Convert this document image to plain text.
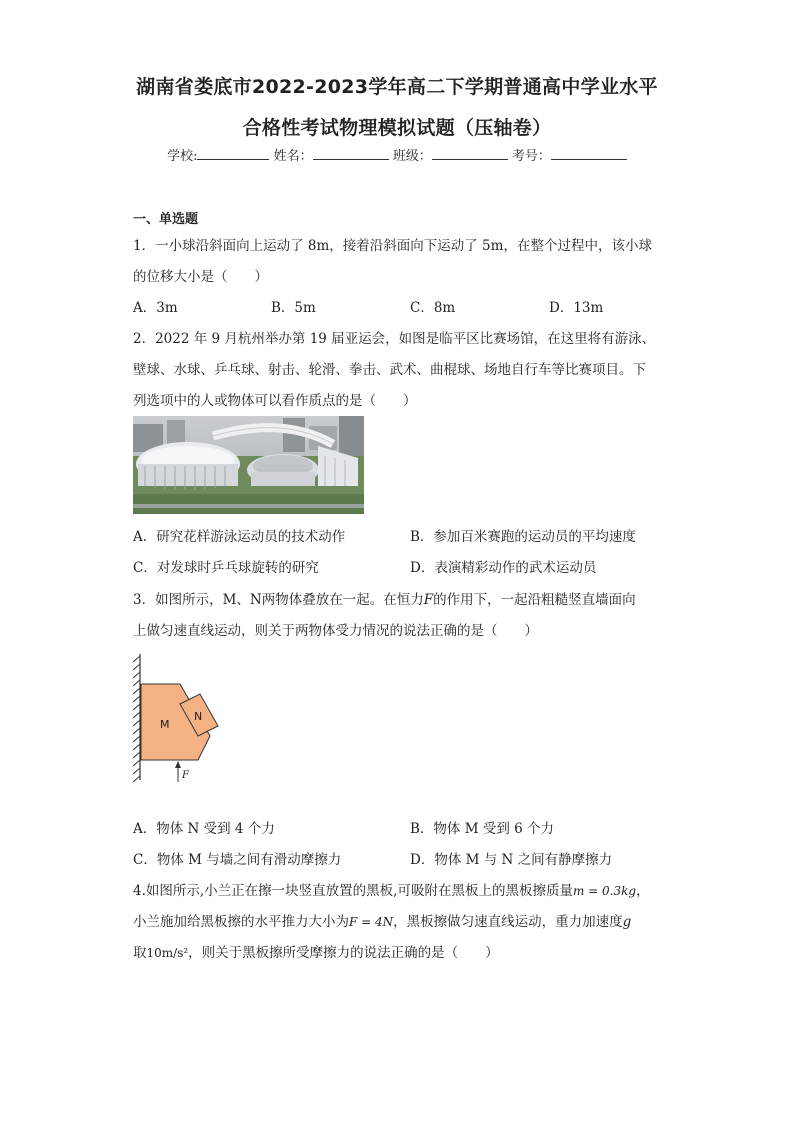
湖南省娄底市2022-2023学年高二下学期普通高中学业水平
合格性考试物理模拟试题（压轴卷）
学校:	姓名：	班级：	考号：
一、单选题
1．一小球沿斜面向上运动了 8m，接着沿斜面向下运动了 5m，在整个过程中，该小球
的位移大小是（　　）
A．3m	B．5m	C．8m	D．13m
2．2022 年 9 月杭州举办第 19 届亚运会，如图是临平区比赛场馆，在这里将有游泳、
壁球、水球、乒乓球、射击、轮滑、拳击、武术、曲棍球、场地自行车等比赛项目。下
列选项中的人或物体可以看作质点的是（　　）
A．研究花样游泳运动员的技术动作	B．参加百米赛跑的运动员的平均速度
C．对发球时乒乓球旋转的研究	D．表演精彩动作的武术运动员
3．如图所示，M、N两物体叠放在一起。在恒力F的作用下，一起沿粗糙竖直墙面向
上做匀速直线运动，则关于两物体受力情况的说法正确的是（　　）
M
N
F
A．物体 N 受到 4 个力	B．物体 M 受到 6 个力
C．物体 M 与墙之间有滑动摩擦力	D．物体 M 与 N 之间有静摩擦力
4.如图所示,小兰正在擦一块竖直放置的黑板,可吸附在黑板上的黑板擦质量m = 0.3kg，
小兰施加给黑板擦的水平推力大小为F = 4N，黑板擦做匀速直线运动，重力加速度g
取10m/s²，则关于黑板擦所受摩擦力的说法正确的是（　　）
